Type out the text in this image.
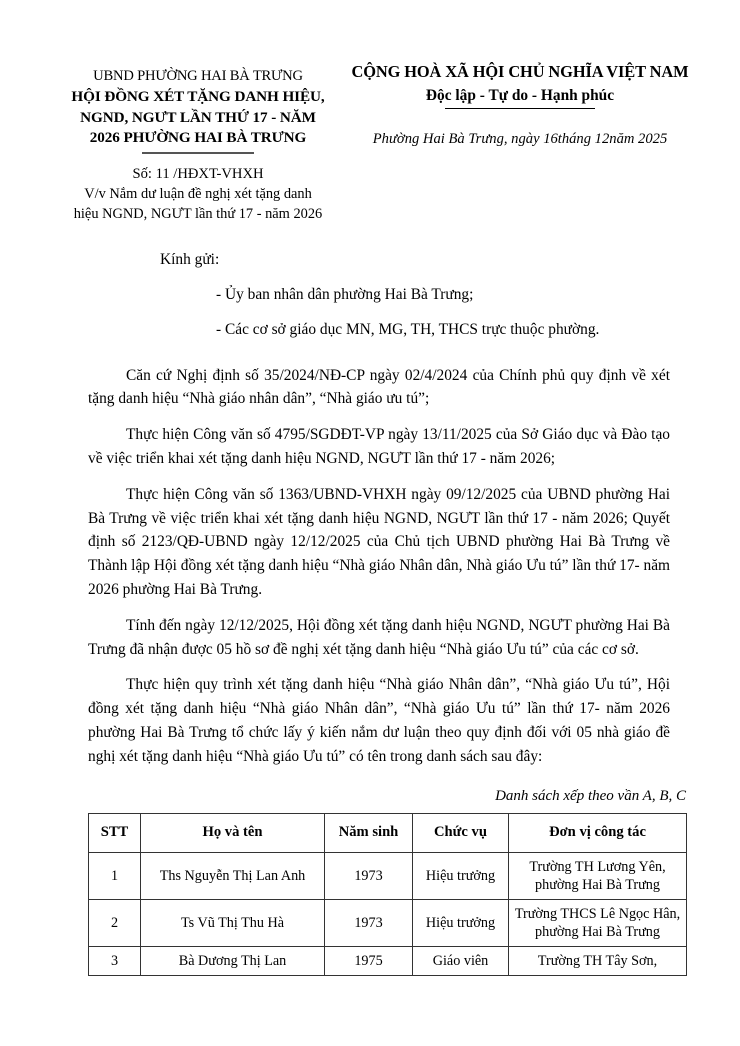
UBND PHƯỜNG HAI BÀ TRƯNG
HỘI ĐỒNG XÉT TẶNG DANH HIỆU,
NGND, NGƯT LẦN THỨ 17 - NĂM
2026 PHƯỜNG HAI BÀ TRƯNG
Số: 11 /HĐXT-VHXH
V/v Nắm dư luận đề nghị xét tặng danh
hiệu NGND, NGƯT lần thứ 17 - năm 2026
CỘNG HOÀ XÃ HỘI CHỦ NGHĨA VIỆT NAM
Độc lập - Tự do - Hạnh phúc
Phường Hai Bà Trưng, ngày 16tháng 12năm 2025
Kính gửi:
- Ủy ban nhân dân phường Hai Bà Trưng;
- Các cơ sở giáo dục MN, MG, TH, THCS trực thuộc phường.

Căn cứ Nghị định số 35/2024/NĐ-CP ngày 02/4/2024 của Chính phủ quy định về xét tặng danh hiệu “Nhà giáo nhân dân”, “Nhà giáo ưu tú”;

Thực hiện Công văn số 4795/SGDĐT-VP ngày 13/11/2025 của Sở Giáo dục và Đào tạo về việc triển khai xét tặng danh hiệu NGND, NGƯT lần thứ 17 - năm 2026;

Thực hiện Công văn số 1363/UBND-VHXH ngày 09/12/2025 của UBND phường Hai Bà Trưng về việc triển khai xét tặng danh hiệu NGND, NGƯT lần thứ 17 - năm 2026; Quyết định số 2123/QĐ-UBND ngày 12/12/2025 của Chủ tịch UBND phường Hai Bà Trưng về Thành lập Hội đồng xét tặng danh hiệu “Nhà giáo Nhân dân, Nhà giáo Ưu tú” lần thứ 17- năm 2026 phường Hai Bà Trưng.

Tính đến ngày 12/12/2025, Hội đồng xét tặng danh hiệu NGND, NGƯT phường Hai Bà Trưng đã nhận được 05 hồ sơ đề nghị xét tặng danh hiệu “Nhà giáo Ưu tú” của các cơ sở.

Thực hiện quy trình xét tặng danh hiệu “Nhà giáo Nhân dân”, “Nhà giáo Ưu tú”, Hội đồng xét tặng danh hiệu “Nhà giáo Nhân dân”, “Nhà giáo Ưu tú” lần thứ 17- năm 2026 phường Hai Bà Trưng tổ chức lấy ý kiến nắm dư luận theo quy định đối với 05 nhà giáo đề nghị xét tặng danh hiệu “Nhà giáo Ưu tú” có tên trong danh sách sau đây:

Danh sách xếp theo vần A, B, C
STT	Họ và tên	Năm sinh	Chức vụ	Đơn vị công tác
1	Ths Nguyễn Thị Lan Anh	1973	Hiệu trưởng	Trường TH Lương Yên, phường Hai Bà Trưng
2	Ts Vũ Thị Thu Hà	1973	Hiệu trưởng	Trường THCS Lê Ngọc Hân, phường Hai Bà Trưng
3	Bà Dương Thị Lan	1975	Giáo viên	Trường TH Tây Sơn,
